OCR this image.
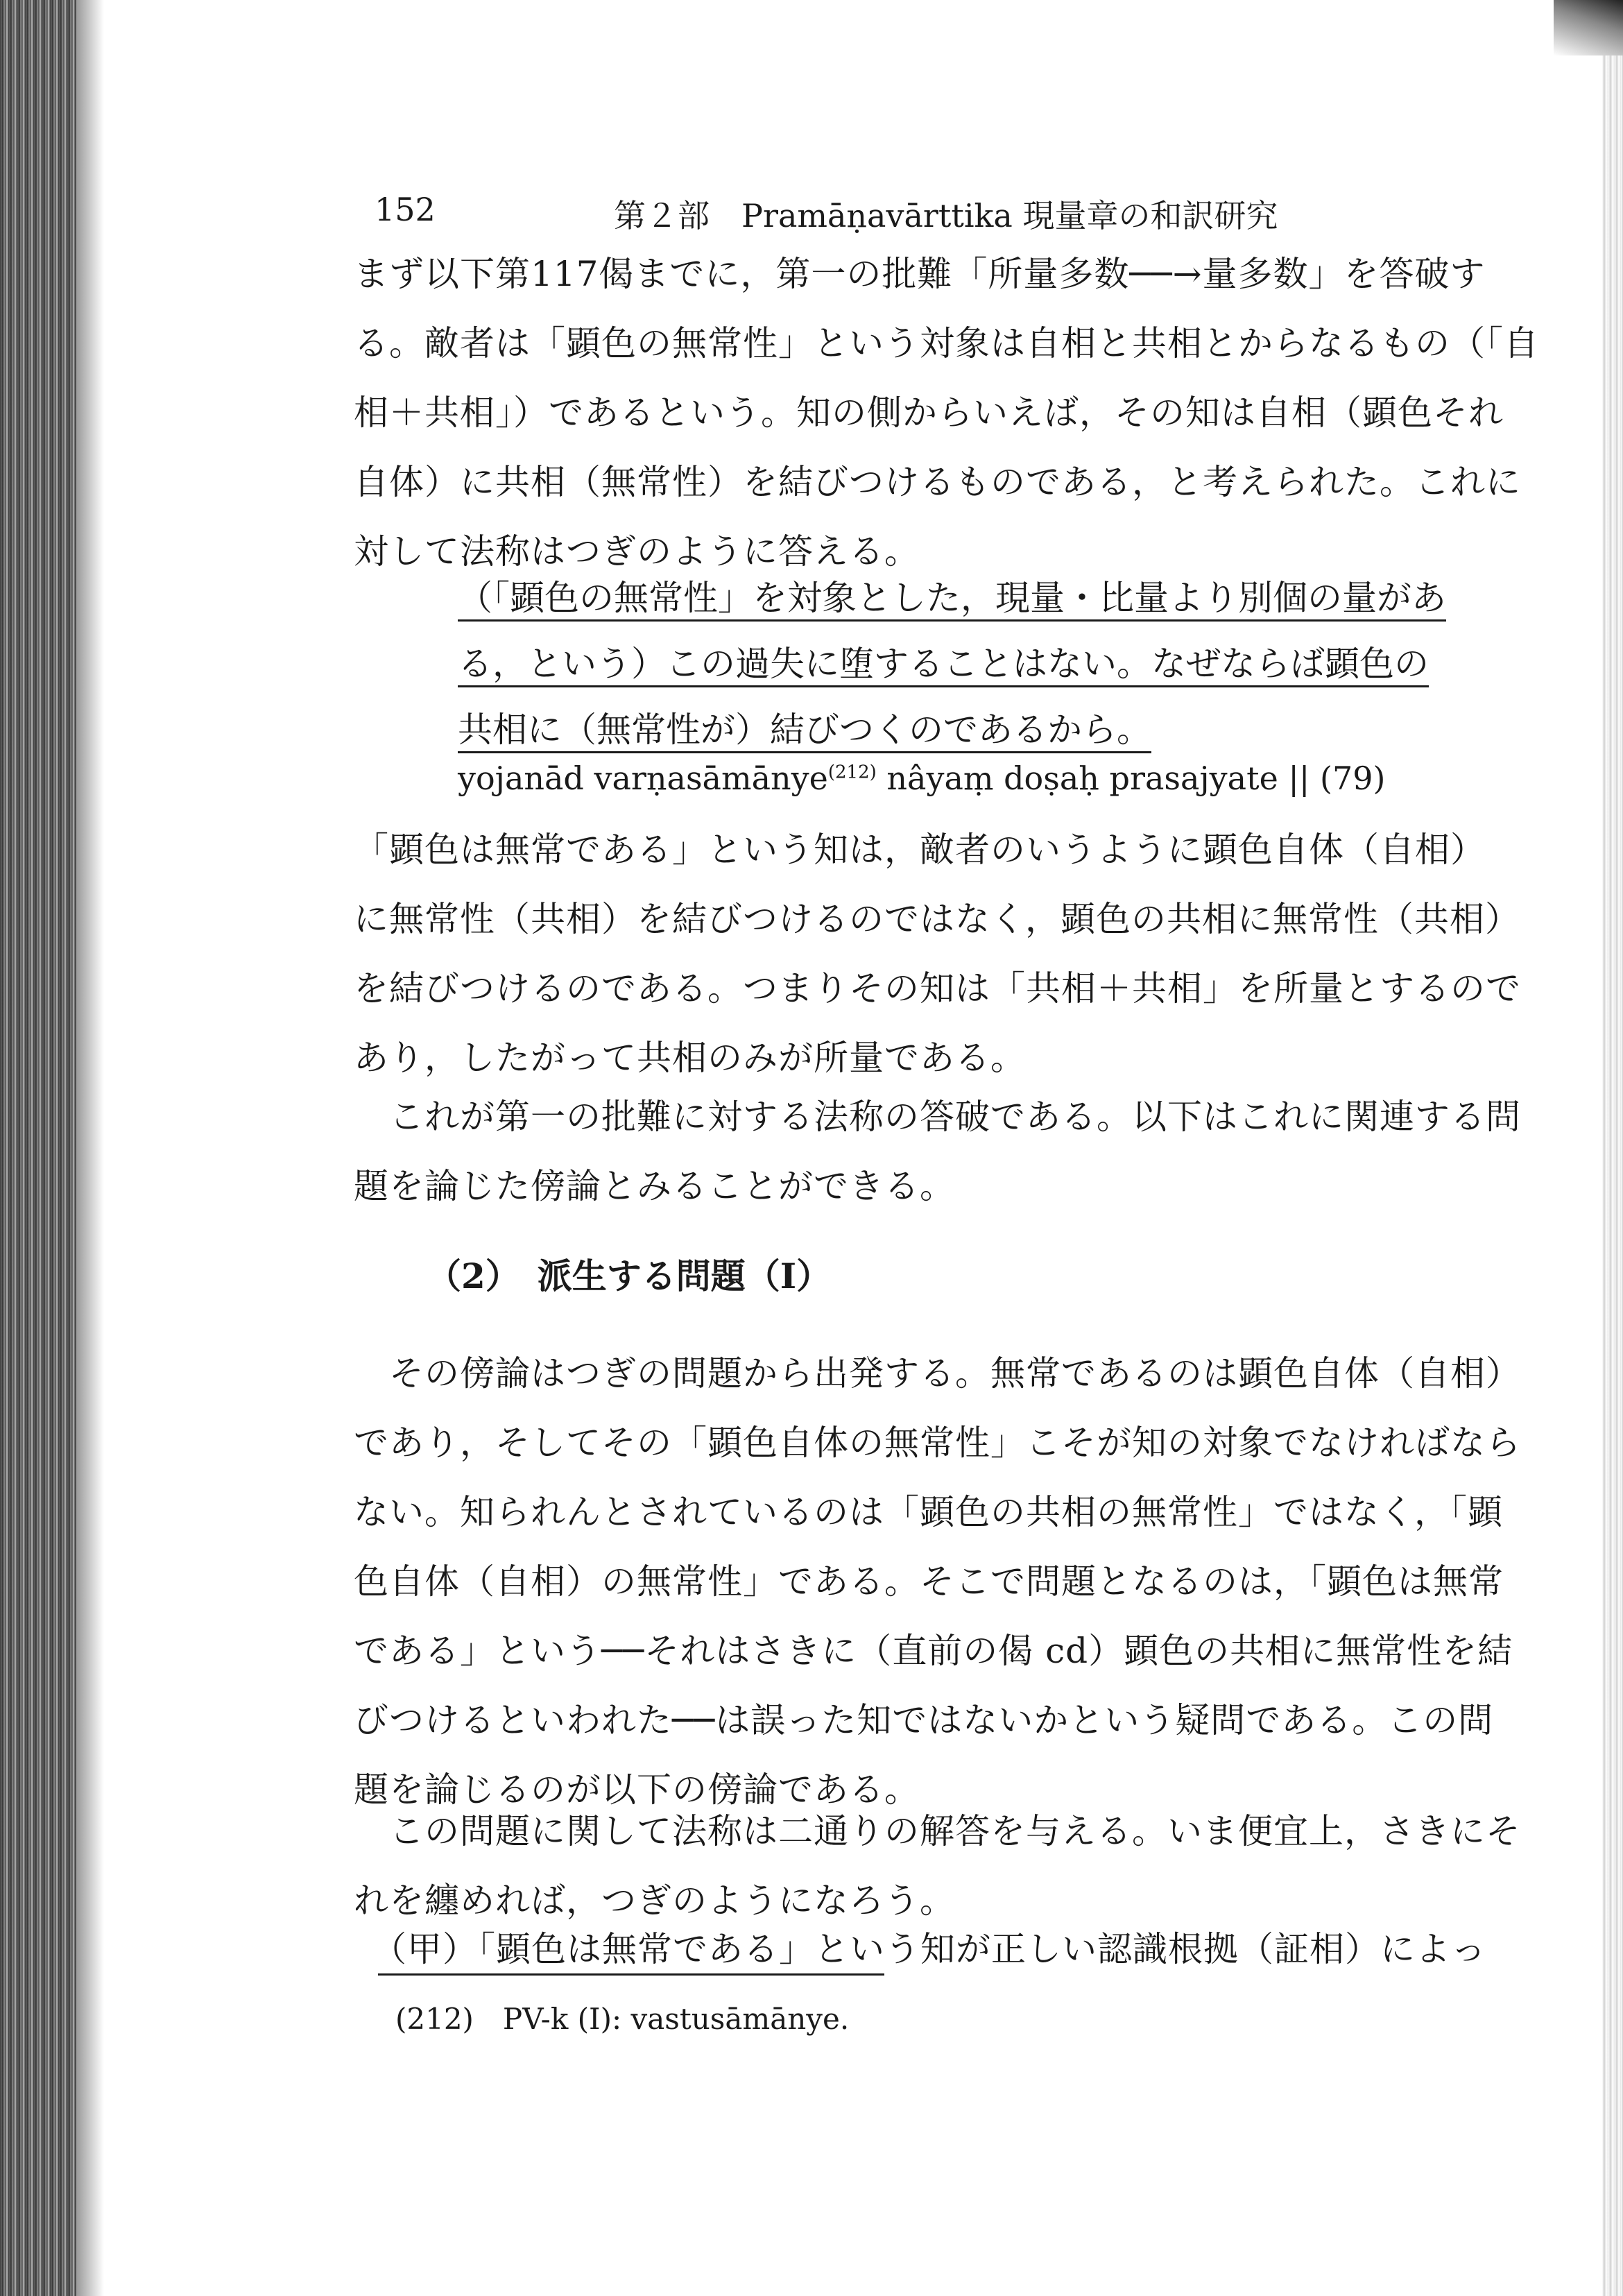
152	第２部　Pramāṇavārttika 現量章の和訳研究
まず以下第117偈までに，第一の批難「所量多数──→量多数」を答破す
る。敵者は「顕色の無常性」という対象は自相と共相とからなるもの（「自
相＋共相」）であるという。知の側からいえば，その知は自相（顕色それ
自体）に共相（無常性）を結びつけるものである，と考えられた。これに
対して法称はつぎのように答える。
（「顕色の無常性」を対象とした，現量・比量より別個の量があ
る，という）この過失に堕することはない。なぜならば顕色の
共相に（無常性が）結びつくのであるから。
yojanād varṇasāmānye$^{(212)}$ nâyaṃ doṣaḥ prasajyate || (79)
「顕色は無常である」という知は，敵者のいうように顕色自体（自相）
に無常性（共相）を結びつけるのではなく，顕色の共相に無常性（共相）
を結びつけるのである。つまりその知は「共相＋共相」を所量とするので
あり，したがって共相のみが所量である。
　これが第一の批難に対する法称の答破である。以下はこれに関連する問
題を論じた傍論とみることができる。
（2）　派生する問題（Ⅰ）
　その傍論はつぎの問題から出発する。無常であるのは顕色自体（自相）
であり，そしてその「顕色自体の無常性」こそが知の対象でなければなら
ない。知られんとされているのは「顕色の共相の無常性」ではなく，「顕
色自体（自相）の無常性」である。そこで問題となるのは，「顕色は無常
である」という──それはさきに（直前の偈 cd）顕色の共相に無常性を結
びつけるといわれた──は誤った知ではないかという疑問である。この問
題を論じるのが以下の傍論である。
　この問題に関して法称は二通りの解答を与える。いま便宜上，さきにそ
れを纏めれば，つぎのようになろう。
　（甲）「顕色は無常である」という知が正しい認識根拠（証相）によっ
(212)　PV-k (I): vastusāmānye.
